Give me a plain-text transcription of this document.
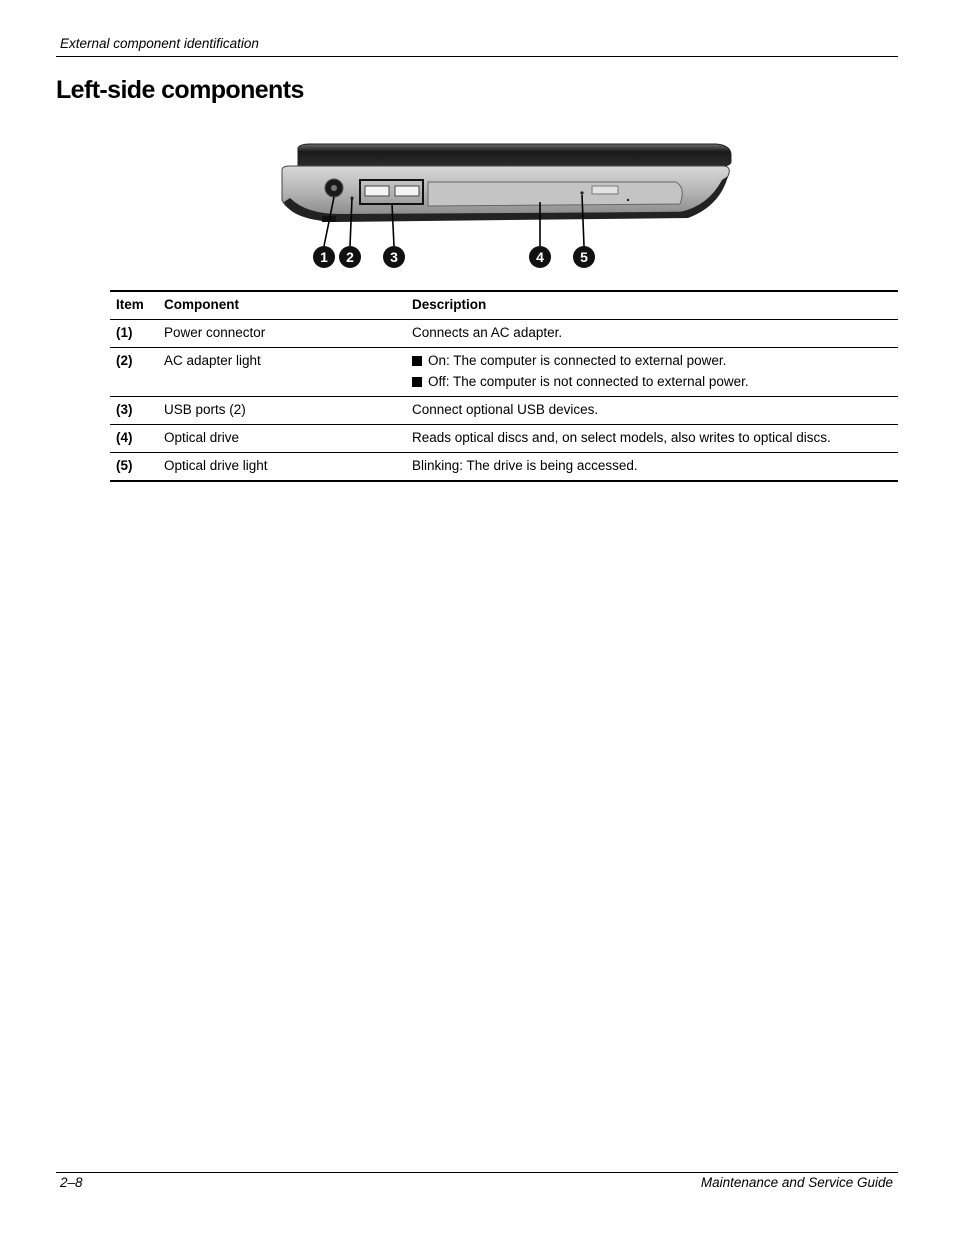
External component identification
Left-side components
1 2	3	4	5
Item	Component	Description
(1)	Power connector	Connects an AC adapter.

(2)	AC adapter light	On: The computer is connected to external power.
Off: The computer is not connected to external power.

(3)	USB ports (2)	Connect optional USB devices.

(4)	Optical drive	Reads optical discs and, on select models, also writes to optical discs.

(5)	Optical drive light	Blinking: The drive is being accessed.
2–8	Maintenance and Service Guide
